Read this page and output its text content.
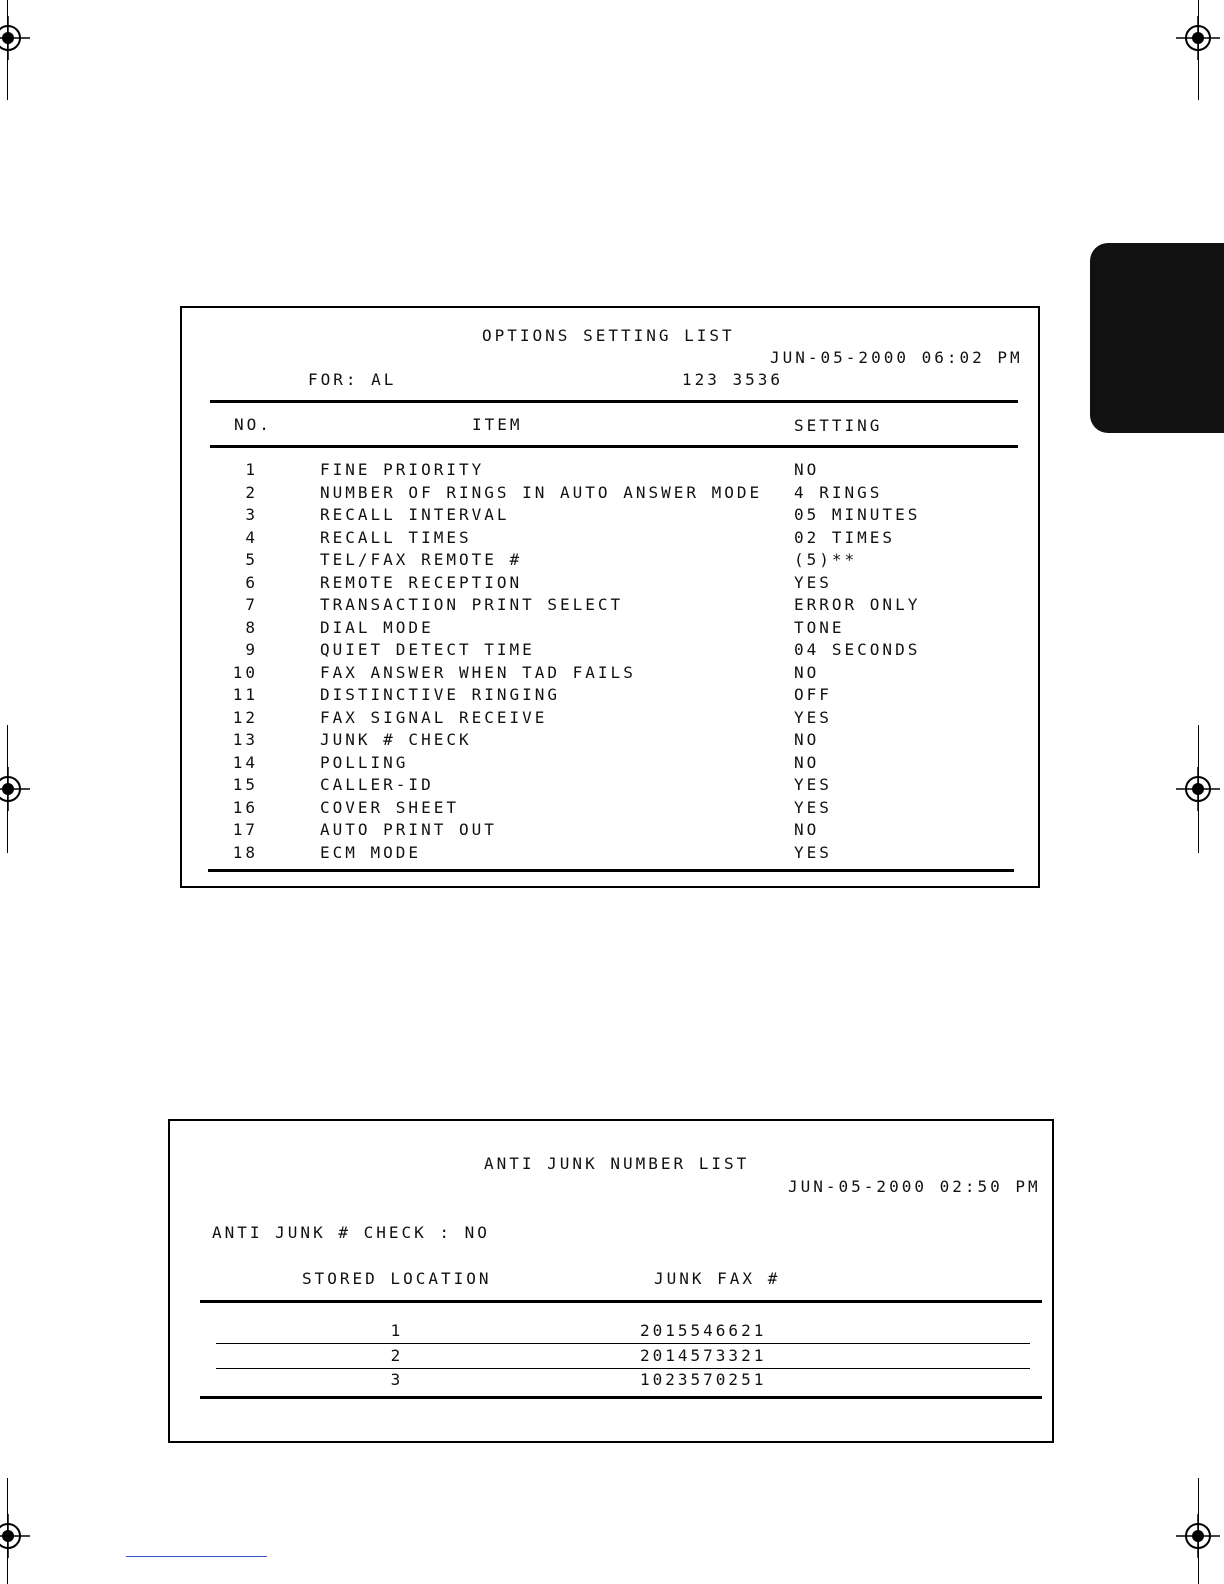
OPTIONS SETTING LIST
JUN-05-2000 06:02 PM
FOR: AL	123 3536
NO.	ITEM	SETTING
1	FINE PRIORITY	NO
2	NUMBER OF RINGS IN AUTO ANSWER MODE 4 RINGS
3	RECALL INTERVAL	05 MINUTES
4	RECALL TIMES	02 TIMES
5	TEL/FAX REMOTE #	(5)**
6	REMOTE RECEPTION	YES
7	TRANSACTION PRINT SELECT	ERROR ONLY
8	DIAL MODE	TONE
9	QUIET DETECT TIME	04 SECONDS
10	FAX ANSWER WHEN TAD FAILS	NO
11	DISTINCTIVE RINGING	OFF
12	FAX SIGNAL RECEIVE	YES
13	JUNK # CHECK	NO
14	POLLING	NO
15	CALLER-ID	YES
16	COVER SHEET	YES
17	AUTO PRINT OUT	NO
18	ECM MODE	YES
ANTI JUNK NUMBER LIST
JUN-05-2000 02:50 PM
ANTI JUNK # CHECK : NO
STORED LOCATION	JUNK FAX #
1	2015546621
2	2014573321
3	1023570251
